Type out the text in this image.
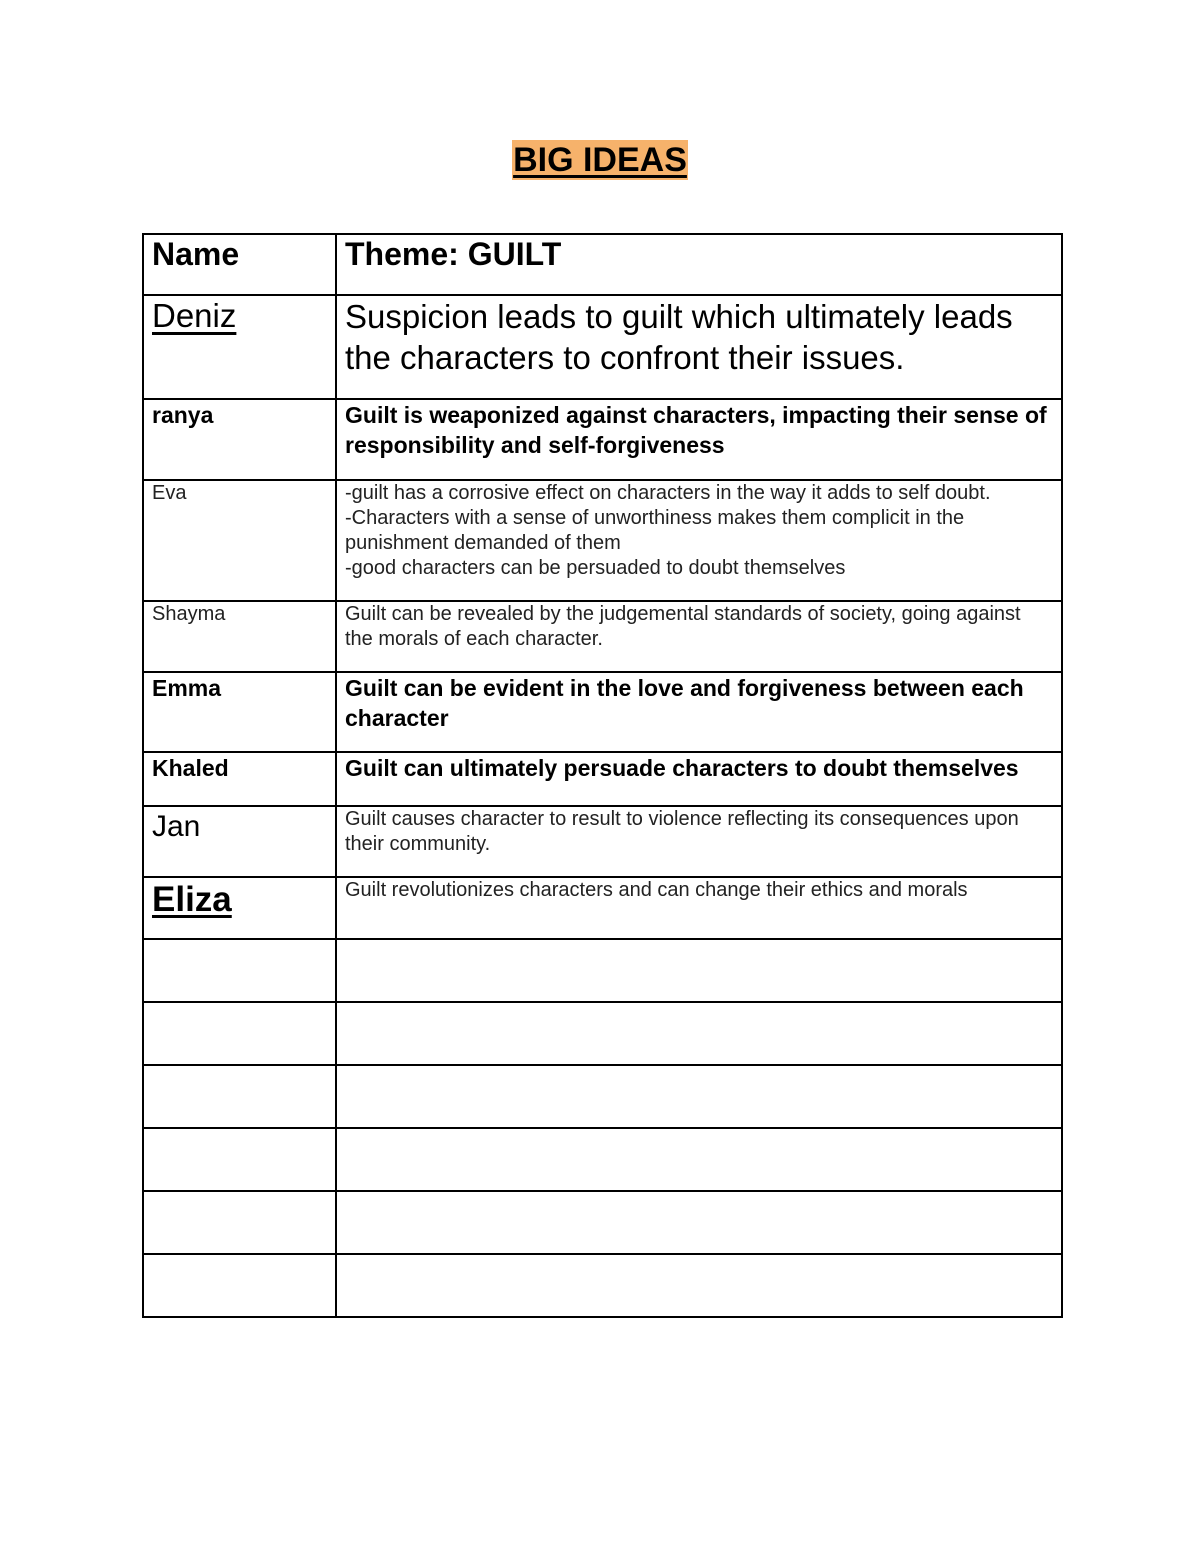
BIG IDEAS
Name	Theme: GUILT
Deniz	Suspicion leads to guilt which ultimately leads the characters to confront their issues.
ranya	Guilt is weaponized against characters, impacting their sense of responsibility and self-forgiveness
Eva	-guilt has a corrosive effect on characters in the way it adds to self doubt.
-Characters with a sense of unworthiness makes them complicit in the punishment demanded of them
-good characters can be persuaded to doubt themselves

Shayma	Guilt can be revealed by the judgemental standards of society, going against the morals of each character.
Emma	Guilt can be evident in the love and forgiveness between each character
Khaled	Guilt can ultimately persuade characters to doubt themselves
Jan	Guilt causes character to result to violence reflecting its consequences upon their community.
Eliza	Guilt revolutionizes characters and can change their ethics and morals
